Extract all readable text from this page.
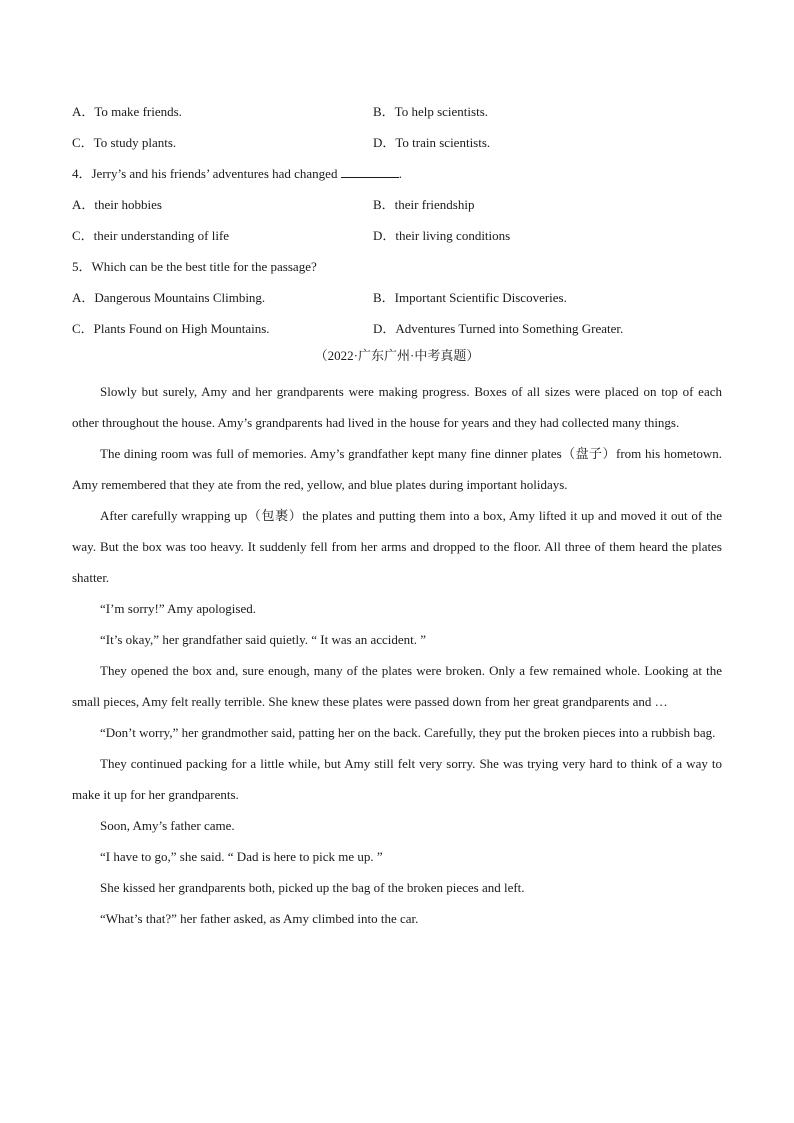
A．To make friends.	B．To help scientists.
C．To study plants.	D．To train scientists.
4．Jerry’s and his friends’ adventures had changed	.
A．their hobbies	B．their friendship
C．their understanding of life	D．their living conditions
5．Which can be the best title for the passage?
A．Dangerous Mountains Climbing.	B．Important Scientific Discoveries.
C．Plants Found on High Mountains.	D．Adventures Turned into Something Greater.
（2022·广东广州·中考真题）

Slowly but surely, Amy and her grandparents were making progress. Boxes of all sizes were placed on top of each other throughout the house. Amy’s grandparents had lived in the house for years and they had collected many things.

The dining room was full of memories. Amy’s grandfather kept many fine dinner plates（盘子）from his hometown. Amy remembered that they ate from the red, yellow, and blue plates during important holidays.

After carefully wrapping up（包裹）the plates and putting them into a box, Amy lifted it up and moved it out of the way. But the box was too heavy. It suddenly fell from her arms and dropped to the floor. All three of them heard the plates shatter.

“I’m sorry!” Amy apologised.

“It’s okay,” her grandfather said quietly. “ It was an accident. ”

They opened the box and, sure enough, many of the plates were broken. Only a few remained whole. Looking at the small pieces, Amy felt really terrible. She knew these plates were passed down from her great grandparents and …

“Don’t worry,” her grandmother said, patting her on the back. Carefully, they put the broken pieces into a rubbish bag.

They continued packing for a little while, but Amy still felt very sorry. She was trying very hard to think of a way to make it up for her grandparents.

Soon, Amy’s father came.

“I have to go,” she said. “ Dad is here to pick me up. ”

She kissed her grandparents both, picked up the bag of the broken pieces and left.

“What’s that?” her father asked, as Amy climbed into the car.
